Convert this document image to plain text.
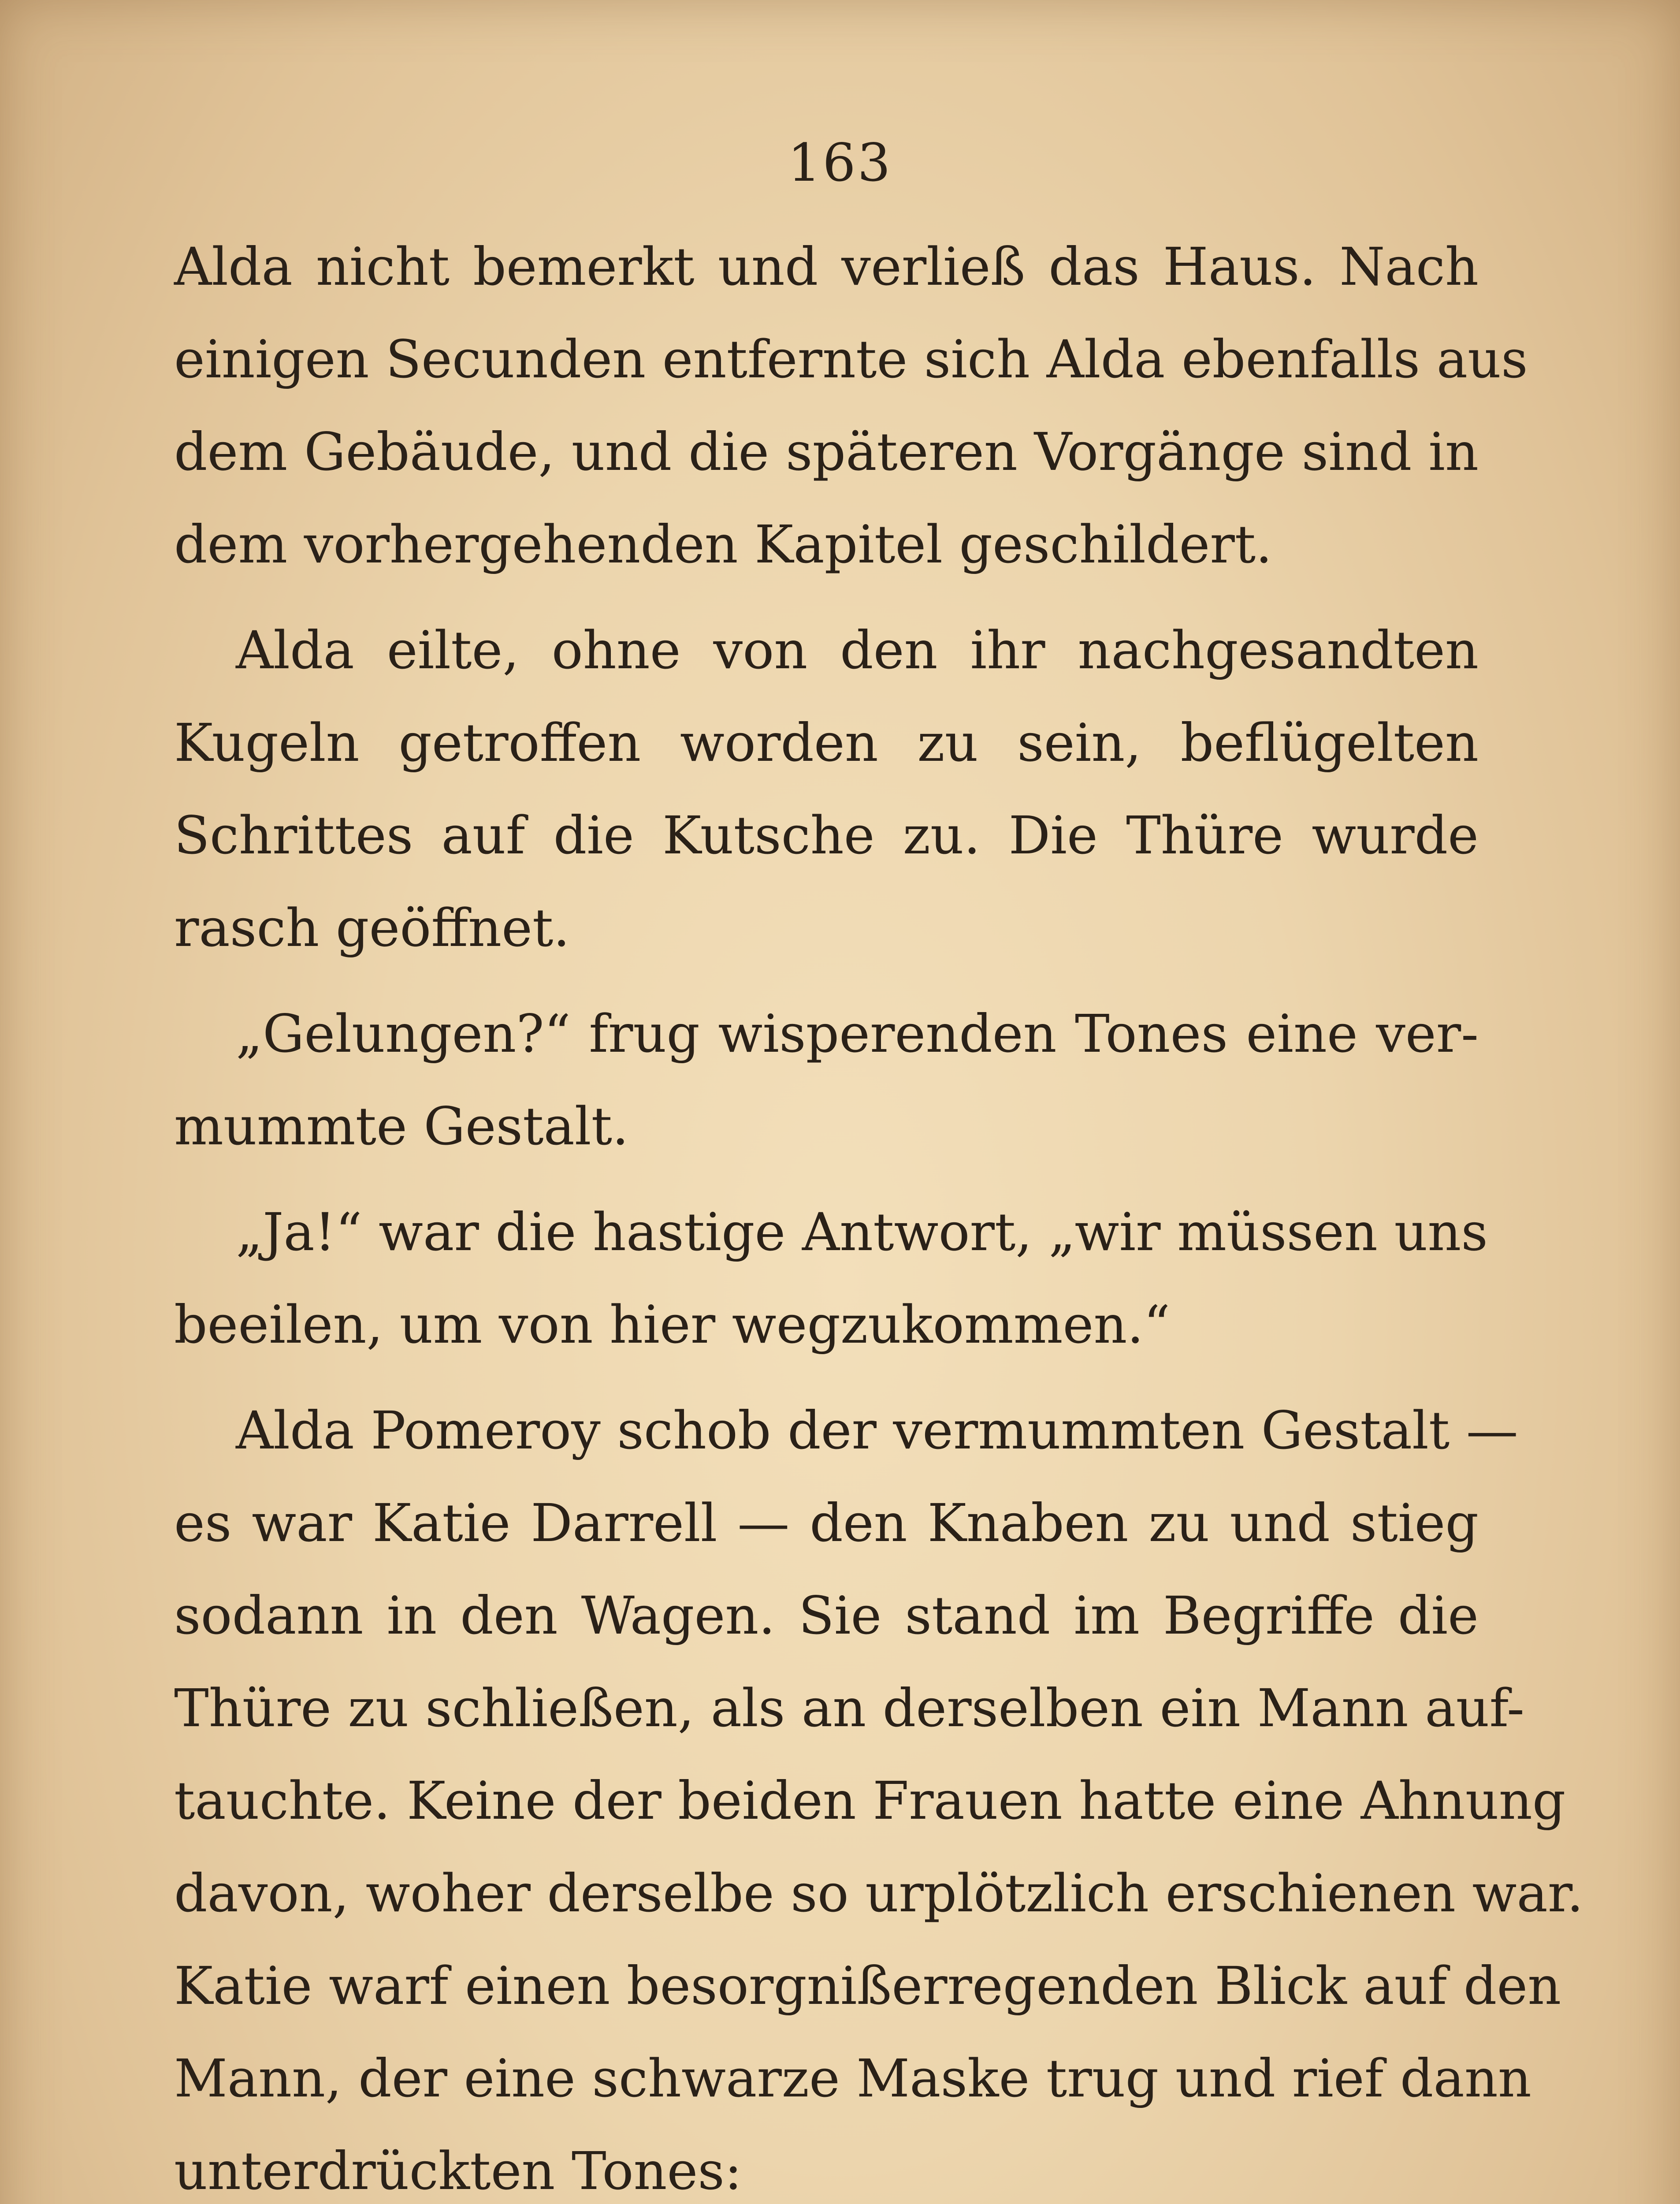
163
Alda nicht bemerkt und verließ das Haus. Nach
einigen Secunden entfernte sich Alda ebenfalls aus
dem Gebäude, und die späteren Vorgänge sind in
dem vorhergehenden Kapitel geschildert.
Alda eilte, ohne von den ihr nachgesandten
Kugeln getroffen worden zu sein, beflügelten
Schrittes auf die Kutsche zu. Die Thüre wurde
rasch geöffnet.
„Gelungen?“ frug wisperenden Tones eine ver-
mummte Gestalt.
„Ja!“ war die hastige Antwort, „wir müssen uns
beeilen, um von hier wegzukommen.“
Alda Pomeroy schob der vermummten Gestalt —
es war Katie Darrell — den Knaben zu und stieg
sodann in den Wagen. Sie stand im Begriffe die
Thüre zu schließen, als an derselben ein Mann auf-
tauchte. Keine der beiden Frauen hatte eine Ahnung
davon, woher derselbe so urplötzlich erschienen war.
Katie warf einen besorgnißerregenden Blick auf den
Mann, der eine schwarze Maske trug und rief dann
unterdrückten Tones:
